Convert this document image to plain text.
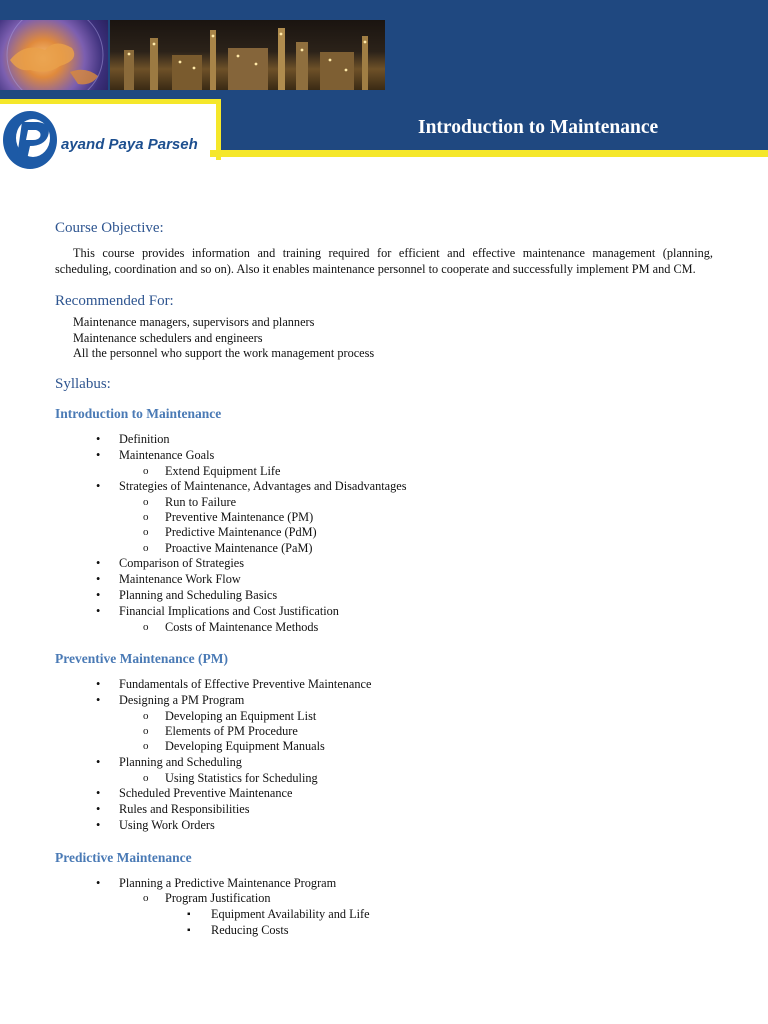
ayand Paya Parseh
Introduction to Maintenance
Course Objective:

This course provides information and training required for efficient and effective maintenance management (planning, scheduling, coordination and so on). Also it enables maintenance personnel to cooperate and successfully implement PM and CM.

Recommended For:
Maintenance managers, supervisors and planners
Maintenance schedulers and engineers
All the personnel who support the work management process
Syllabus:
Introduction to Maintenance
• Definition
• Maintenance Goals
o Extend Equipment Life
• Strategies of Maintenance, Advantages and Disadvantages
o Run to Failure
o Preventive Maintenance (PM)
o Predictive Maintenance (PdM)
o Proactive Maintenance (PaM)
• Comparison of Strategies
• Maintenance Work Flow
• Planning and Scheduling Basics
• Financial Implications and Cost Justification
o Costs of Maintenance Methods
Preventive Maintenance (PM)
• Fundamentals of Effective Preventive Maintenance
• Designing a PM Program
o Developing an Equipment List
o Elements of PM Procedure
o Developing Equipment Manuals
• Planning and Scheduling
o Using Statistics for Scheduling
• Scheduled Preventive Maintenance
• Rules and Responsibilities
• Using Work Orders
Predictive Maintenance
• Planning a Predictive Maintenance Program
o Program Justification
▪ Equipment Availability and Life
▪ Reducing Costs
